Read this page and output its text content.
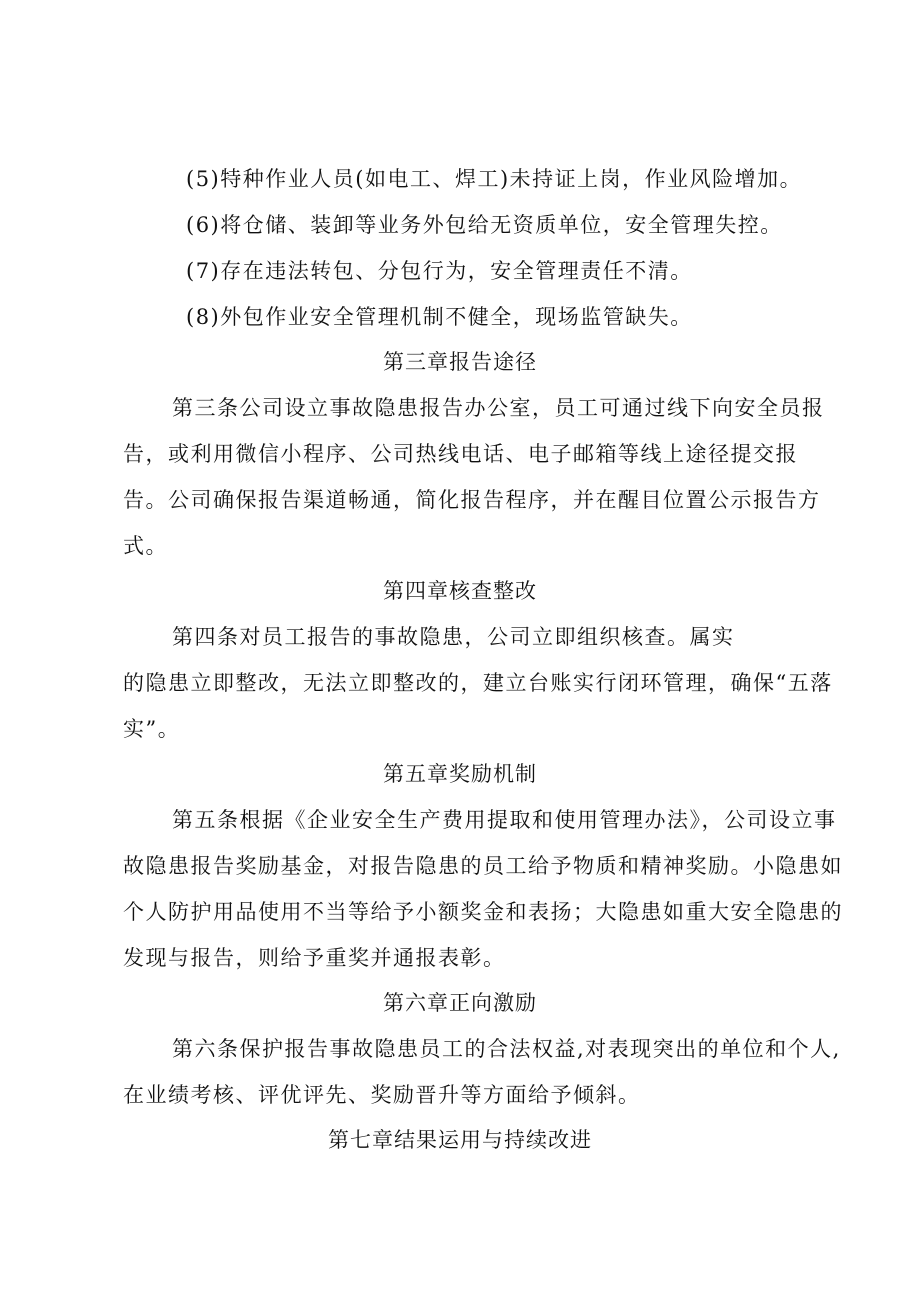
(5)特种作业人员(如电工、焊工)未持证上岗，作业风险增加。
(6)将仓储、装卸等业务外包给无资质单位，安全管理失控。
(7)存在违法转包、分包行为，安全管理责任不清。
(8)外包作业安全管理机制不健全，现场监管缺失。
第三章报告途径
第三条公司设立事故隐患报告办公室，员工可通过线下向安全员报
告，或利用微信小程序、公司热线电话、电子邮箱等线上途径提交报
告。公司确保报告渠道畅通，简化报告程序，并在醒目位置公示报告方
式。
第四章核查整改
第四条对员工报告的事故隐患，公司立即组织核查。属实
的隐患立即整改，无法立即整改的，建立台账实行闭环管理，确保“五落
实”。
第五章奖励机制
第五条根据《企业安全生产费用提取和使用管理办法》，公司设立事
故隐患报告奖励基金，对报告隐患的员工给予物质和精神奖励。小隐患如
个人防护用品使用不当等给予小额奖金和表扬；大隐患如重大安全隐患的
发现与报告，则给予重奖并通报表彰。
第六章正向激励
第六条保护报告事故隐患员工的合法权益,对表现突出的单位和个人,
在业绩考核、评优评先、奖励晋升等方面给予倾斜。
第七章结果运用与持续改进
